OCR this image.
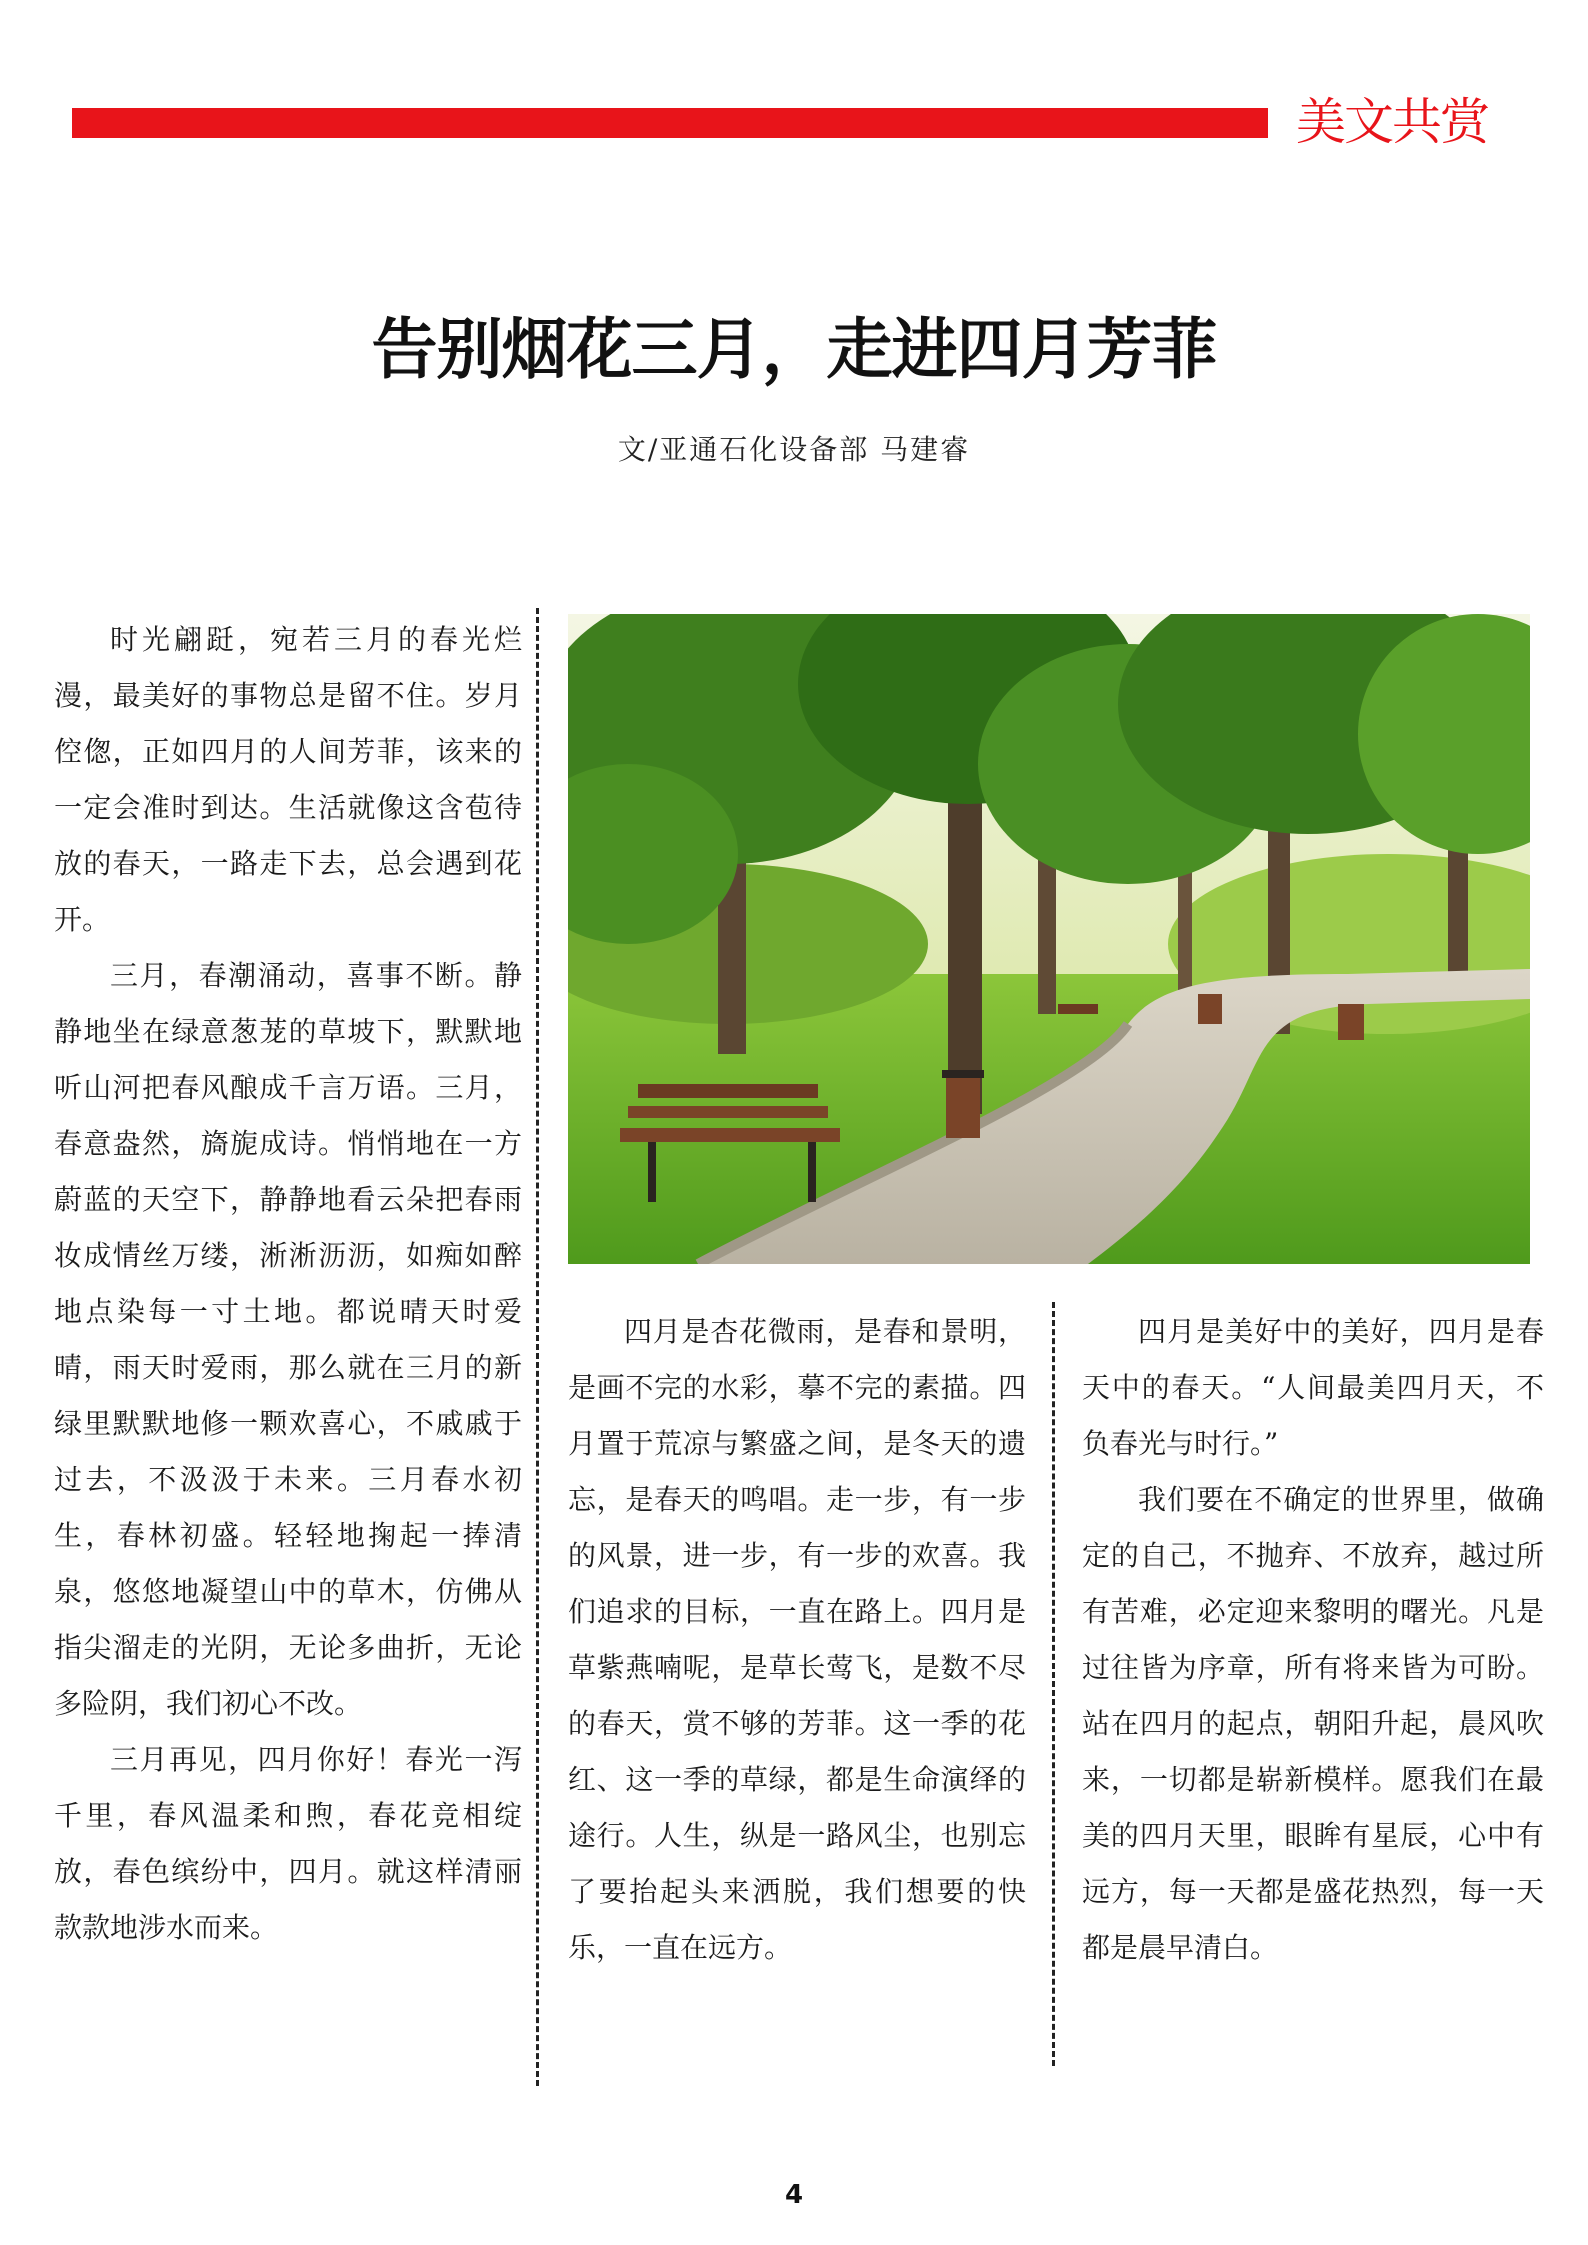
美文共赏
告别烟花三月，走进四月芳菲
文/亚通石化设备部 马建睿

时光翩跹，宛若三月的春光烂漫，最美好的事物总是留不住。岁月倥偬，正如四月的人间芳菲，该来的一定会准时到达。生活就像这含苞待放的春天，一路走下去，总会遇到花开。

三月，春潮涌动，喜事不断。静静地坐在绿意葱茏的草坡下，默默地听山河把春风酿成千言万语。三月，春意盎然，旖旎成诗。悄悄地在一方蔚蓝的天空下，静静地看云朵把春雨妆成情丝万缕，淅淅沥沥，如痴如醉地点染每一寸土地。都说晴天时爱晴，雨天时爱雨，那么就在三月的新绿里默默地修一颗欢喜心，不戚戚于过去，不汲汲于未来。三月春水初生，春林初盛。轻轻地掬起一捧清泉，悠悠地凝望山中的草木，仿佛从指尖溜走的光阴，无论多曲折，无论多险阴，我们初心不改。

三月再见，四月你好！春光一泻千里，春风温柔和煦，春花竞相绽放，春色缤纷中，四月。就这样清丽款款地涉水而来。

四月是杏花微雨，是春和景明，是画不完的水彩，摹不完的素描。四月置于荒凉与繁盛之间，是冬天的遗忘，是春天的鸣唱。走一步，有一步的风景，进一步，有一步的欢喜。我们追求的目标，一直在路上。四月是草紫燕喃呢，是草长莺飞，是数不尽的春天，赏不够的芳菲。这一季的花红、这一季的草绿，都是生命演绎的途行。人生，纵是一路风尘，也别忘了要抬起头来洒脱，我们想要的快乐，一直在远方。

四月是美好中的美好，四月是春天中的春天。“人间最美四月天，不负春光与时行。”

我们要在不确定的世界里，做确定的自己，不抛弃、不放弃，越过所有苦难，必定迎来黎明的曙光。凡是过往皆为序章，所有将来皆为可盼。站在四月的起点，朝阳升起，晨风吹来，一切都是崭新模样。愿我们在最美的四月天里，眼眸有星辰，心中有远方，每一天都是盛花热烈，每一天都是晨早清白。

4
